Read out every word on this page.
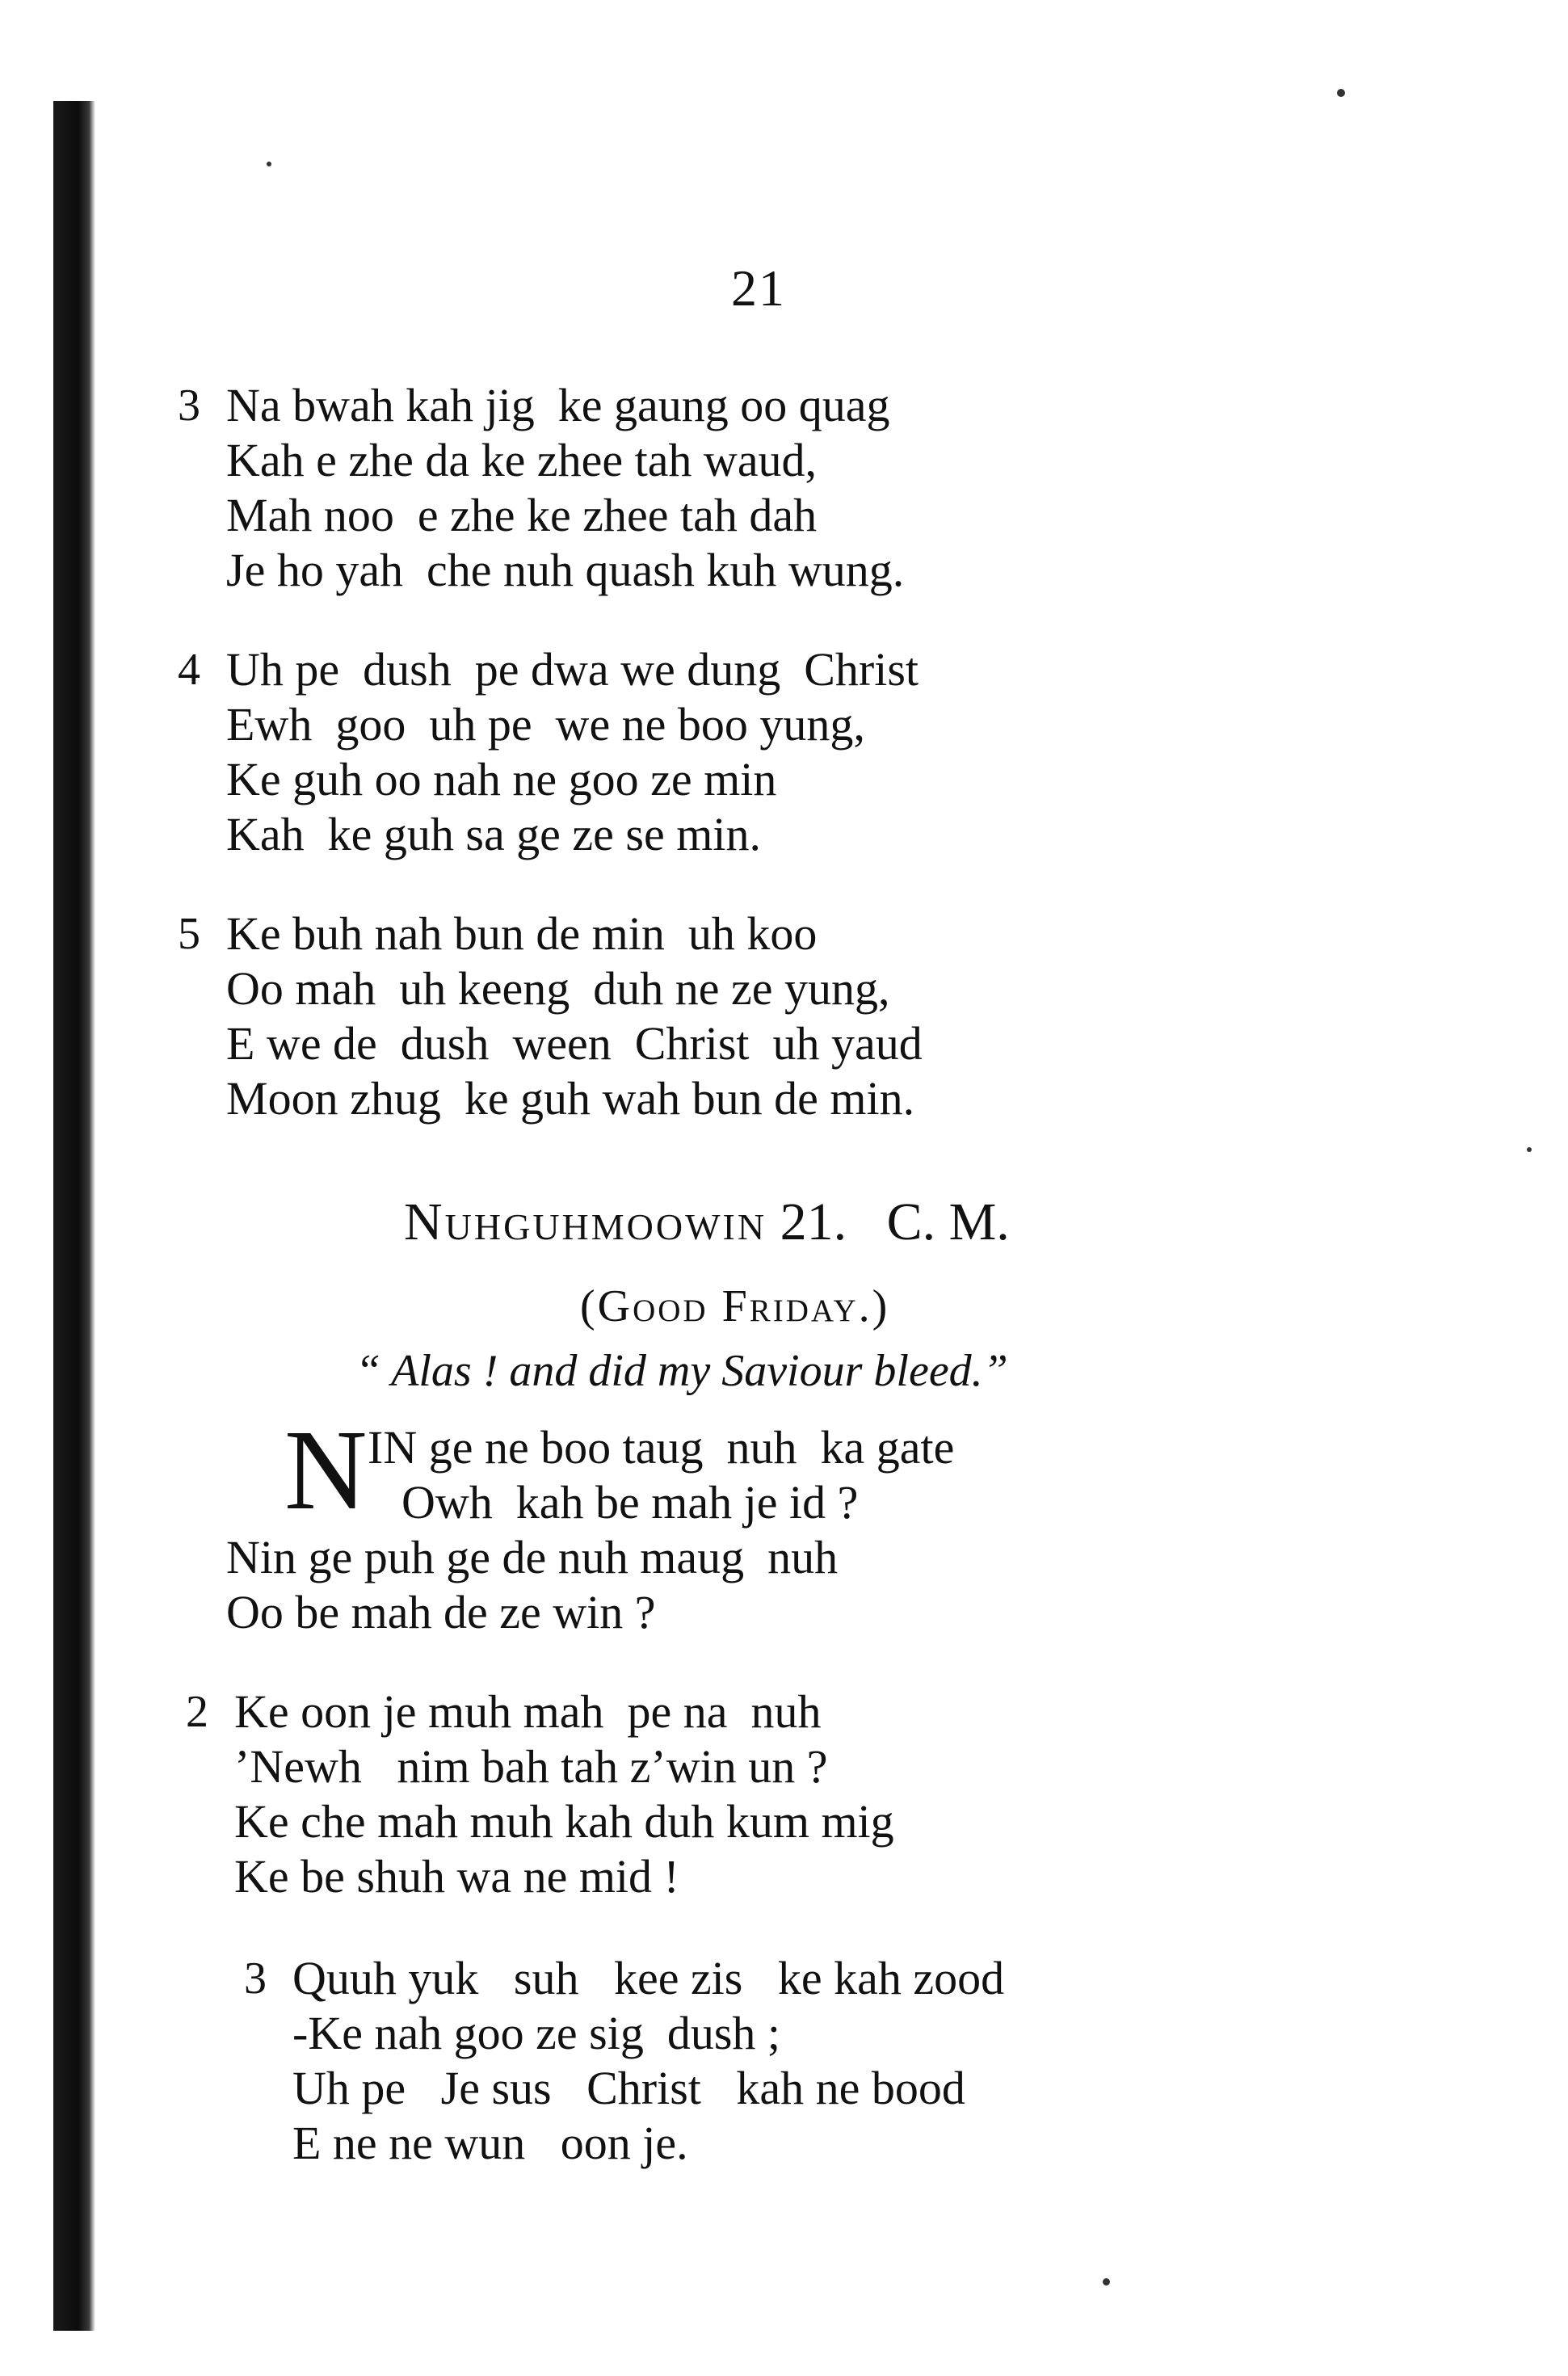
21
3 Na bwah kah jig  ke gaung oo quag
Kah e zhe da ke zhee tah waud,
Mah noo  e zhe ke zhee tah dah
Je ho yah  che nuh quash kuh wung.
4 Uh pe  dush  pe dwa we dung  Christ
Ewh  goo  uh pe  we ne boo yung,
Ke guh oo nah ne goo ze min
Kah  ke guh sa ge ze se min.
5 Ke buh nah bun de min  uh koo
Oo mah  uh keeng  duh ne ze yung,
E we de  dush  ween  Christ  uh yaud
Moon zhug  ke guh wah bun de min.
Nuhguhmoowin 21. C. M.
(Good Friday.)
“ Alas ! and did my Saviour bleed.”
N IN ge ne boo taug  nuh  ka gate
Owh  kah be mah je id ?
Nin ge puh ge de nuh maug  nuh
Oo be mah de ze win ?
2 Ke oon je muh mah  pe na  nuh
’Newh   nim bah tah z’win un ?
Ke che mah muh kah duh kum mig
Ke be shuh wa ne mid !
3 Quuh yuk   suh   kee zis   ke kah zood
-Ke nah goo ze sig  dush ;
Uh pe   Je sus   Christ   kah ne bood
E ne ne wun   oon je.
